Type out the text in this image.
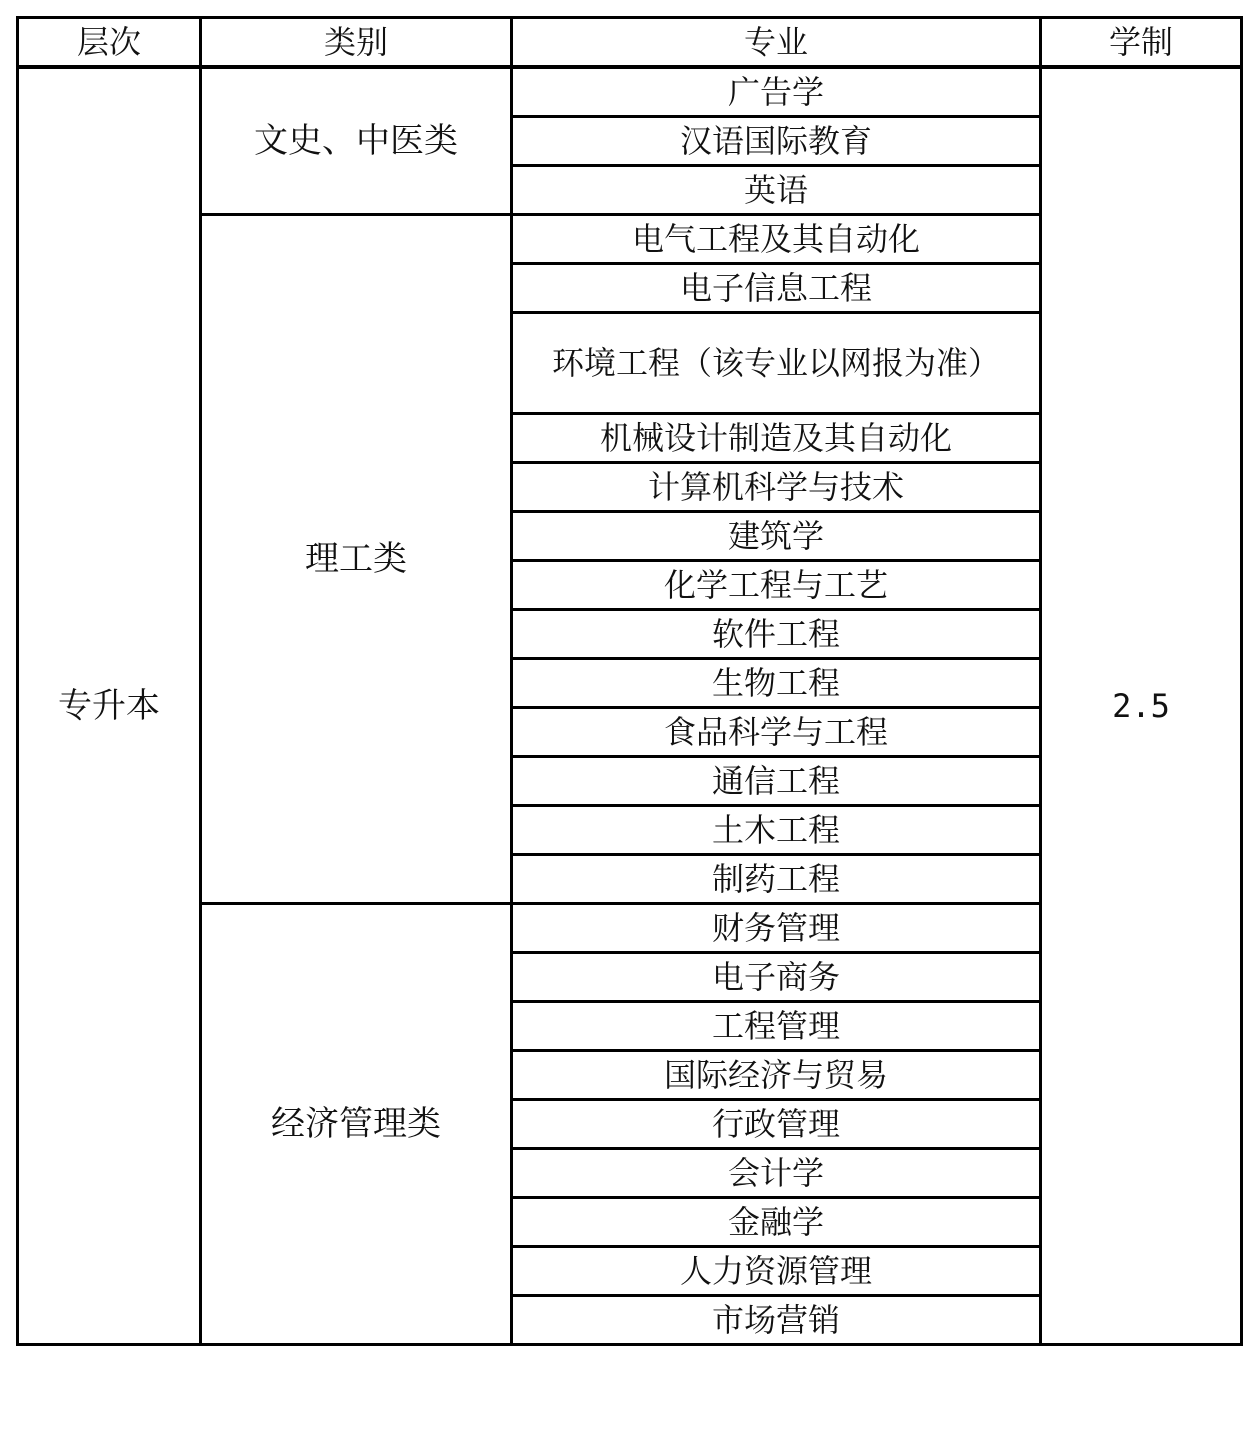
层次	类别	专业	学制
专升本	文史、中医类	广告学	2.5
		汉语国际教育	
		英语	
	理工类	电气工程及其自动化	
		电子信息工程	
		环境工程（该专业以网报为准）	
		机械设计制造及其自动化	
		计算机科学与技术	
		建筑学	
		化学工程与工艺	
		软件工程	
		生物工程	
		食品科学与工程	
		通信工程	
		土木工程	
		制药工程	
	经济管理类	财务管理	
		电子商务	
		工程管理	
		国际经济与贸易	
		行政管理	
		会计学	
		金融学	
		人力资源管理	
		市场营销	
